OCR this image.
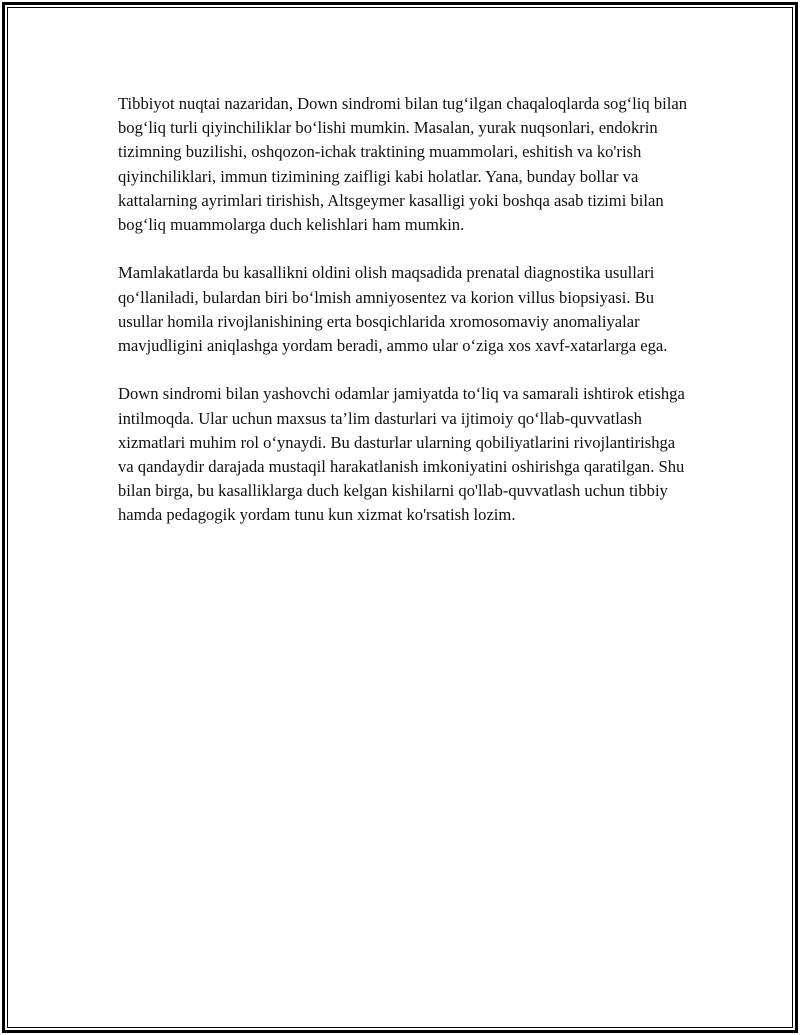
Tibbiyot nuqtai nazaridan, Down sindromi bilan tug‘ilgan chaqaloqlarda sog‘liq bilan bog‘liq turli qiyinchiliklar bo‘lishi mumkin. Masalan, yurak nuqsonlari, endokrin tizimning buzilishi, oshqozon-ichak traktining muammolari, eshitish va ko'rish qiyinchiliklari, immun tizimining zaifligi kabi holatlar. Yana, bunday bollar va kattalarning ayrimlari tirishish, Altsgeymer kasalligi yoki boshqa asab tizimi bilan bog‘liq muammolarga duch kelishlari ham mumkin.

Mamlakatlarda bu kasallikni oldini olish maqsadida prenatal diagnostika usullari qo‘llaniladi, bulardan biri bo‘lmish amniyosentez va korion villus biopsiyasi. Bu usullar homila rivojlanishining erta bosqichlarida xromosomaviy anomaliyalar mavjudligini aniqlashga yordam beradi, ammo ular o‘ziga xos xavf-xatarlarga ega.

Down sindromi bilan yashovchi odamlar jamiyatda to‘liq va samarali ishtirok etishga intilmoqda. Ular uchun maxsus ta’lim dasturlari va ijtimoiy qo‘llab-quvvatlash xizmatlari muhim rol o‘ynaydi. Bu dasturlar ularning qobiliyatlarini rivojlantirishga va qandaydir darajada mustaqil harakatlanish imkoniyatini oshirishga qaratilgan. Shu bilan birga, bu kasalliklarga duch kelgan kishilarni qo'llab-quvvatlash uchun tibbiy hamda pedagogik yordam tunu kun xizmat ko'rsatish lozim.
